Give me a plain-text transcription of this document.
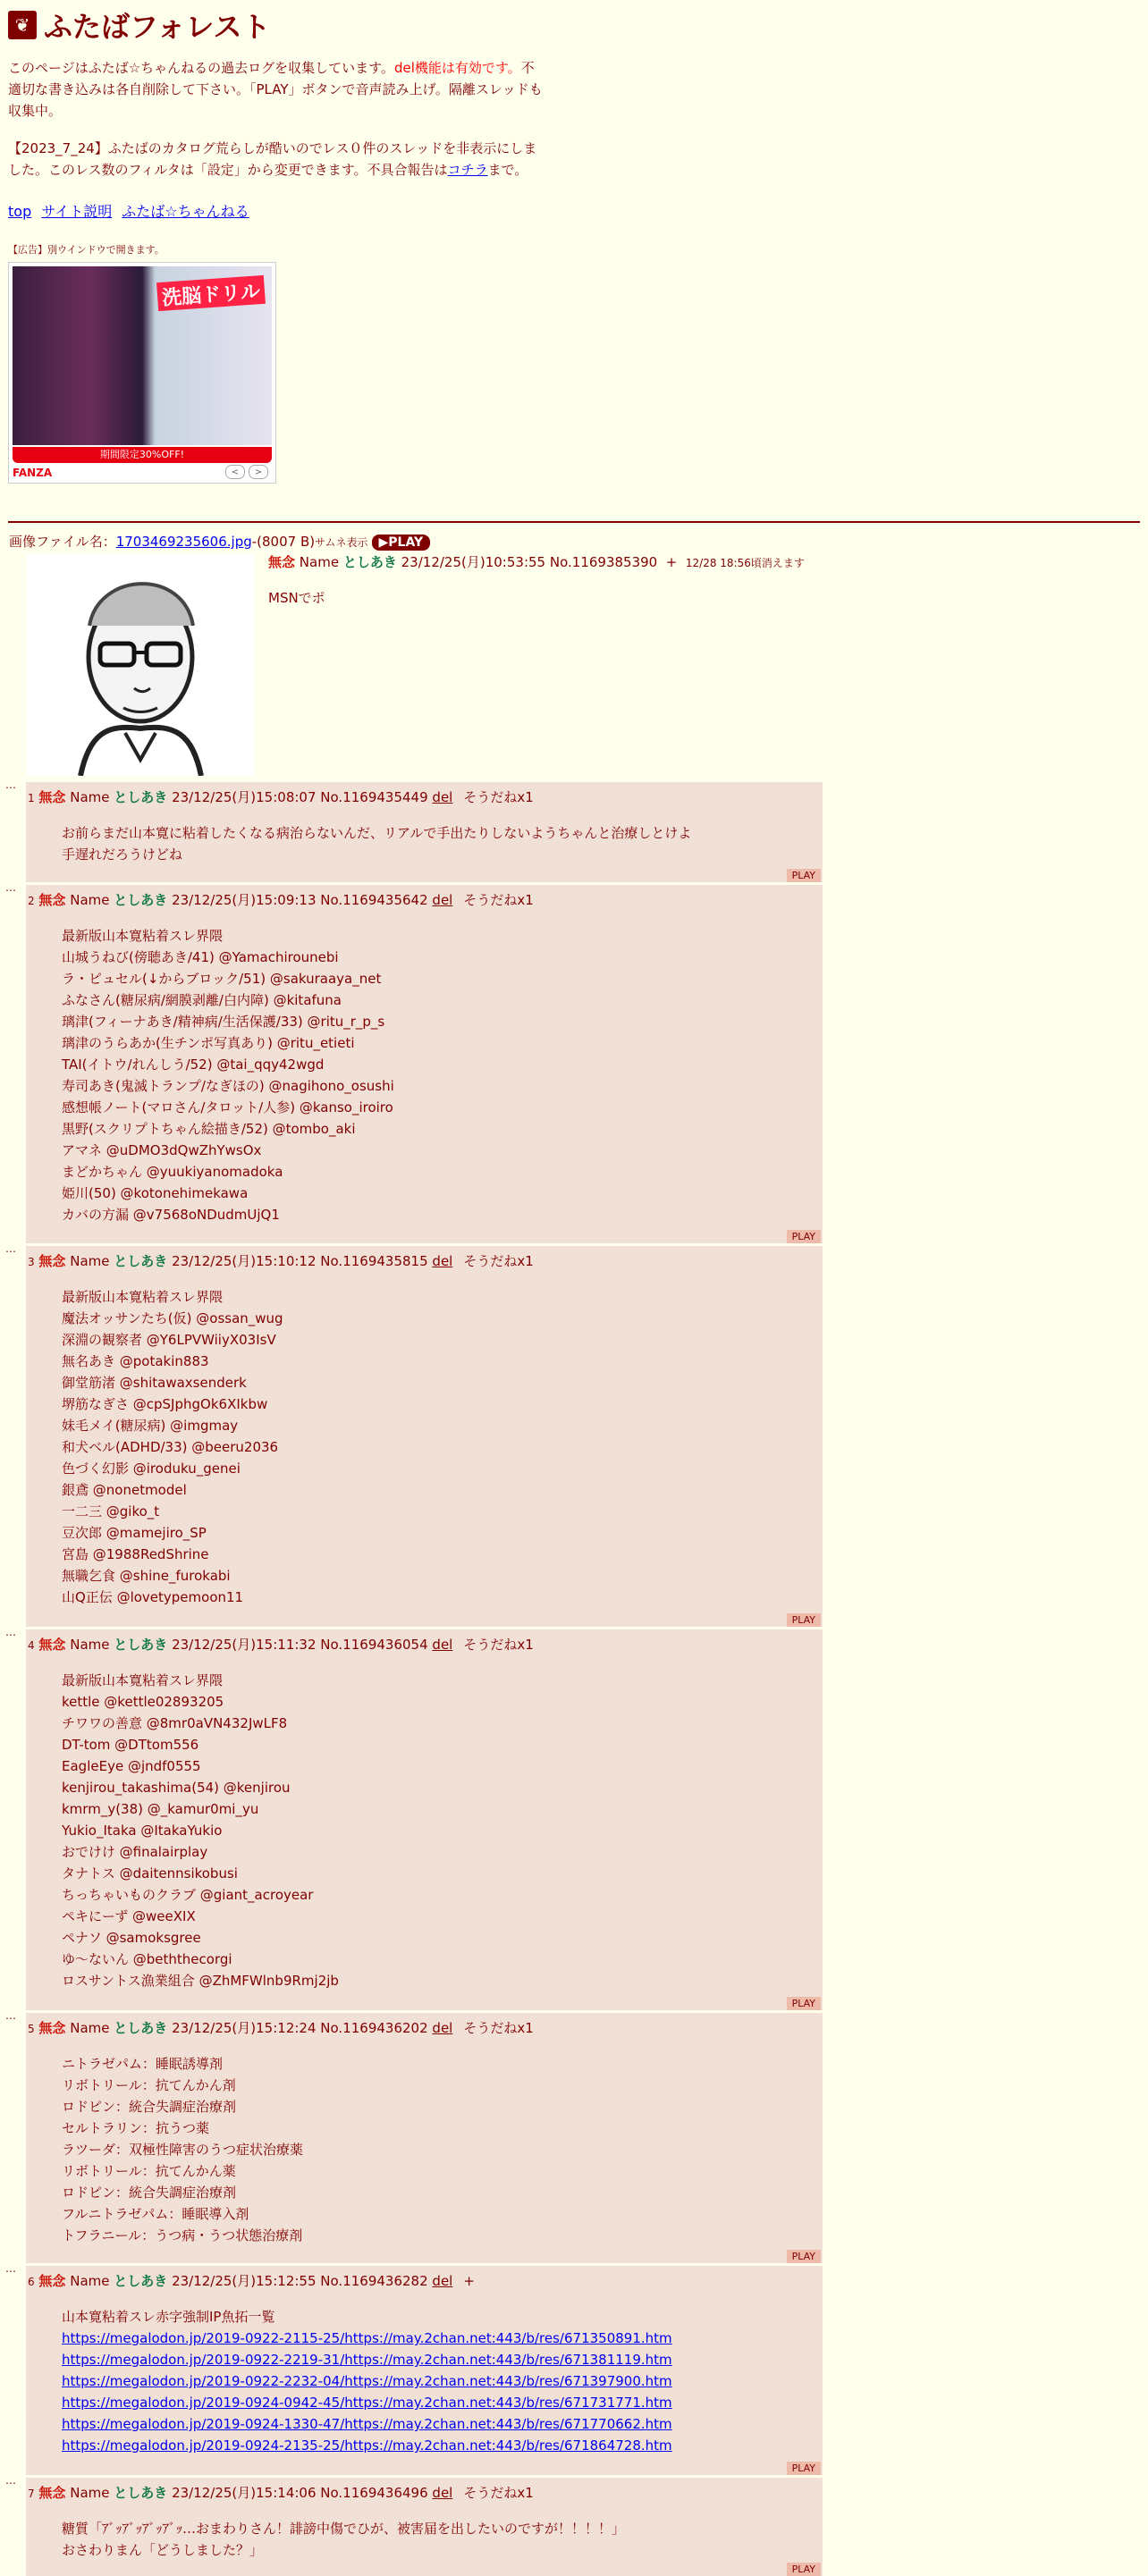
❦ ふたばフォレスト

このページはふたば☆ちゃんねるの過去ログを収集しています。del機能は有効です。不適切な書き込みは各自削除して下さい。「PLAY」ボタンで音声読み上げ。隔離スレッドも収集中。

【2023_7_24】ふたばのカタログ荒らしが酷いのでレス０件のスレッドを非表示にしました。このレス数のフィルタは「設定」から変更できます。不具合報告はコチラまで。

top サイト説明 ふたば☆ちゃんねる
【広告】別ウインドウで開きます。
洗脳ドリル
期間限定30%OFF!
FANZA	<	>
画像ファイル名：1703469235606.jpg-(8007 B)サムネ表示 ▶PLAY
無念 Name としあき 23/12/25(月)10:53:55 No.1169385390 + 12/28 18:56頃消えます
MSNでポ
…
1 無念 Name としあき 23/12/25(月)15:08:07 No.1169435449 del そうだねx1
お前らまだ山本寛に粘着したくなる病治らないんだ、リアルで手出たりしないようちゃんと治療しとけよ
手遅れだろうけどね
PLAY
…
2 無念 Name としあき 23/12/25(月)15:09:13 No.1169435642 del そうだねx1
最新版山本寛粘着スレ界隈
山城うねび(傍聴あき/41) @Yamachirounebi
ラ・ピュセル(↓からブロック/51) @sakuraaya_net
ふなさん(糖尿病/網膜剥離/白内障) @kitafuna
璃津(フィーナあき/精神病/生活保護/33) @ritu_r_p_s
璃津のうらあか(生チンポ写真あり) @ritu_etieti
TAI(イトウ/れんしう/52) @tai_qqy42wgd
寿司あき(鬼滅トランプ/なぎほの) @nagihono_osushi
感想帳ノート(マロさん/タロット/人参) @kanso_iroiro
黒野(スクリプトちゃん絵描き/52) @tombo_aki
アマネ @uDMO3dQwZhYwsOx
まどかちゃん @yuukiyanomadoka
姫川(50) @kotonehimekawa
カバの方漏 @v7568oNDudmUjQ1
PLAY
…
3 無念 Name としあき 23/12/25(月)15:10:12 No.1169435815 del そうだねx1
最新版山本寛粘着スレ界隈
魔法オッサンたち(仮) @ossan_wug
深淵の観察者 @Y6LPVWiiyX03IsV
無名あき @potakin883
御堂筋渚 @shitawaxsenderk
堺筋なぎさ @cpSJphgOk6XIkbw
妹毛メイ(糖尿病) @imgmay
和犬ベル(ADHD/33) @beeru2036
色づく幻影 @iroduku_genei
銀鳶 @nonetmodel
一二三 @giko_t
豆次郎 @mamejiro_SP
宮島 @1988RedShrine
無職乞食 @shine_furokabi
山Q正伝 @lovetypemoon11
PLAY
…
4 無念 Name としあき 23/12/25(月)15:11:32 No.1169436054 del そうだねx1
最新版山本寛粘着スレ界隈
kettle @kettle02893205
チワワの善意 @8mr0aVN432JwLF8
DT-tom @DTtom556
EagleEye @jndf0555
kenjirou_takashima(54) @kenjirou
kmrm_y(38) @_kamur0mi_yu
Yukio_Itaka @ItakaYukio
おでけけ @finalairplay
タナトス @daitennsikobusi
ちっちゃいものクラブ @giant_acroyear
ペキにーず @weeXIX
ペナソ @samoksgree
ゆ〜ないん @beththecorgi
ロスサントス漁業組合 @ZhMFWlnb9Rmj2jb
PLAY
…
5 無念 Name としあき 23/12/25(月)15:12:24 No.1169436202 del そうだねx1
ニトラゼパム：睡眠誘導剤
リボトリール：抗てんかん剤
ロドピン：統合失調症治療剤
セルトラリン：抗うつ薬
ラツーダ：双極性障害のうつ症状治療薬
リボトリール：抗てんかん薬
ロドピン：統合失調症治療剤
フルニトラゼパム：睡眠導入剤
トフラニール：うつ病・うつ状態治療剤
PLAY
…
6 無念 Name としあき 23/12/25(月)15:12:55 No.1169436282 del +
山本寛粘着スレ赤字強制IP魚拓一覧
https://megalodon.jp/2019-0922-2115-25/https://may.2chan.net:443/b/res/671350891.htm
https://megalodon.jp/2019-0922-2219-31/https://may.2chan.net:443/b/res/671381119.htm
https://megalodon.jp/2019-0922-2232-04/https://may.2chan.net:443/b/res/671397900.htm
https://megalodon.jp/2019-0924-0942-45/https://may.2chan.net:443/b/res/671731771.htm
https://megalodon.jp/2019-0924-1330-47/https://may.2chan.net:443/b/res/671770662.htm
https://megalodon.jp/2019-0924-2135-25/https://may.2chan.net:443/b/res/671864728.htm
PLAY
…
7 無念 Name としあき 23/12/25(月)15:14:06 No.1169436496 del そうだねx1
糖質「ｱﾞｯｱﾞｯｱﾞｯｱﾞｯ…おまわりさん！誹謗中傷でひが、被害届を出したいのですが！！！！」
おさわりまん「どうしました？」
PLAY
